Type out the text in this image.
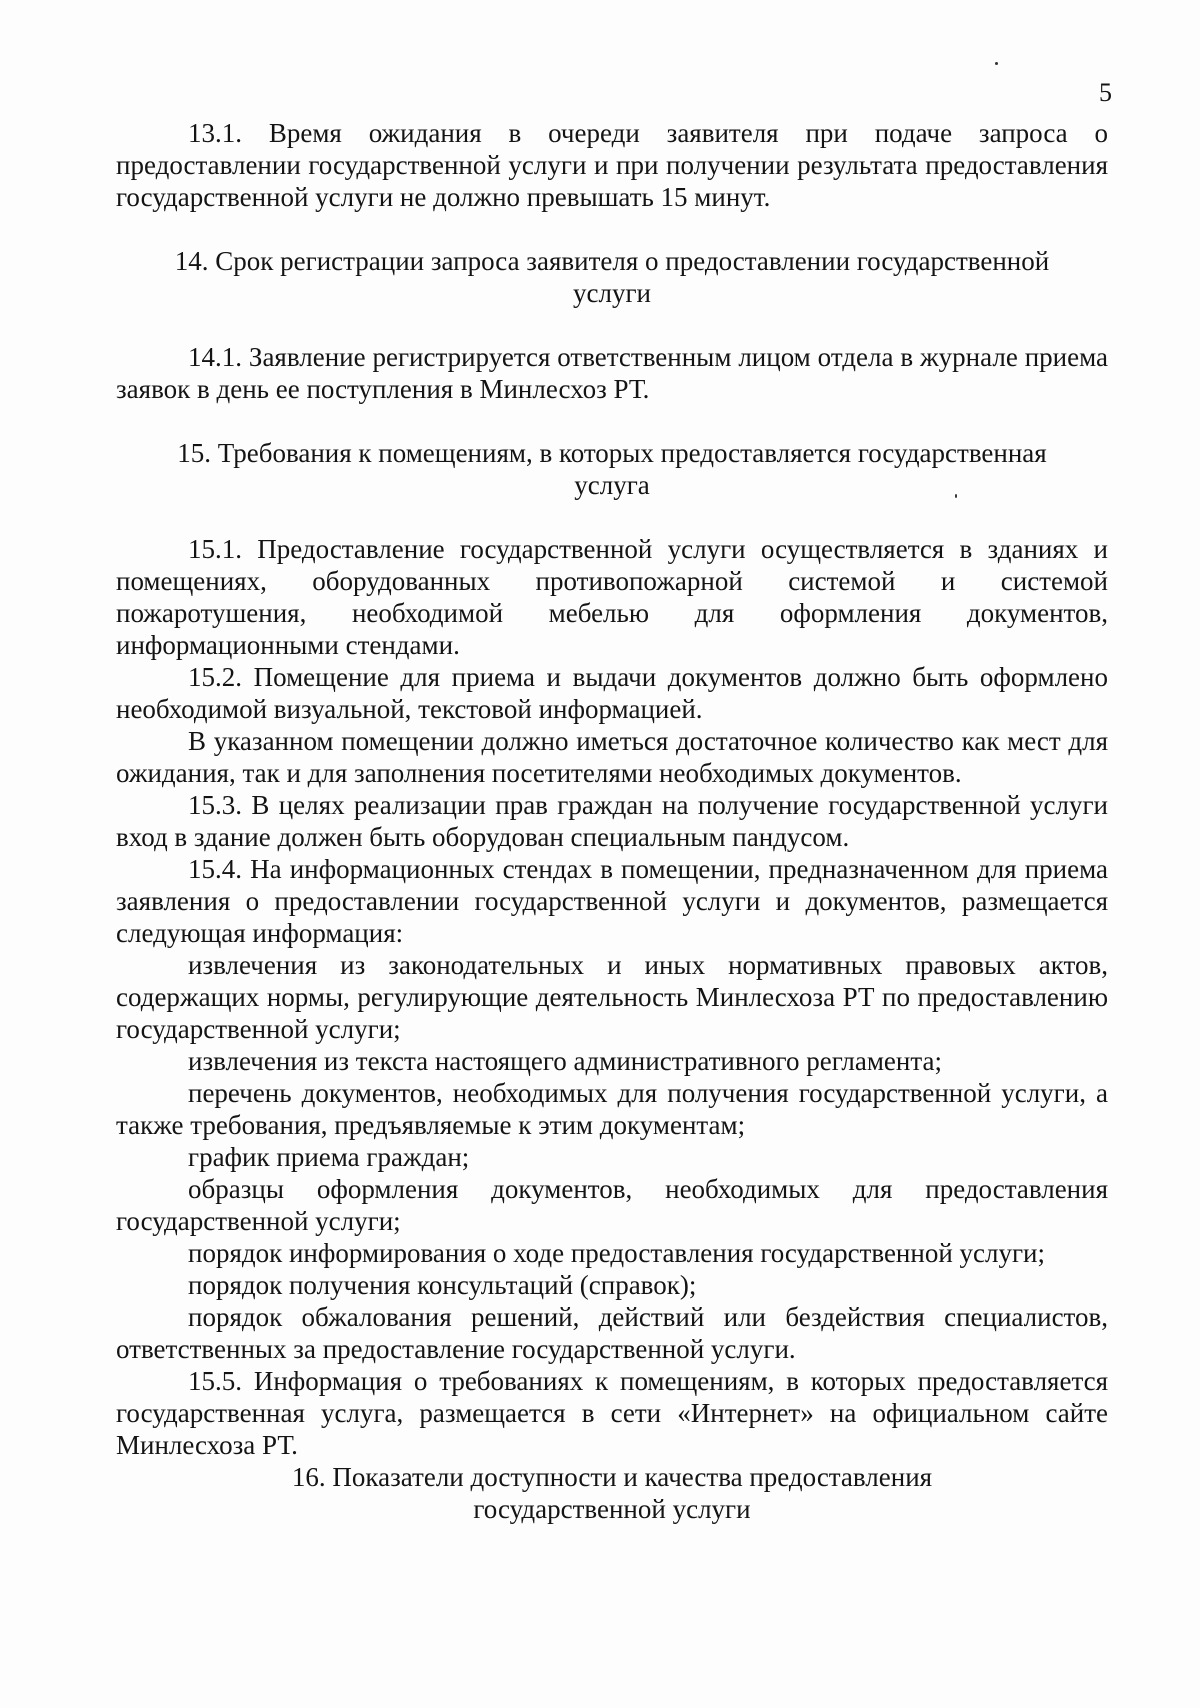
5

13.1. Время ожидания в очереди заявителя при подаче запроса о предоставлении государственной услуги и при получении результата предоставления государственной услуги не должно превышать 15 минут.

14. Срок регистрации запроса заявителя о предоставлении государственной
услуги

14.1. Заявление регистрируется ответственным лицом отдела в журнале приема заявок в день ее поступления в Минлесхоз РТ.

15. Требования к помещениям, в которых предоставляется государственная
услуга

15.1. Предоставление государственной услуги осуществляется в зданиях и помещениях, оборудованных противопожарной системой и системой пожаротушения, необходимой мебелью для оформления документов, информационными стендами.

15.2. Помещение для приема и выдачи документов должно быть оформлено необходимой визуальной, текстовой информацией.

В указанном помещении должно иметься достаточное количество как мест для ожидания, так и для заполнения посетителями необходимых документов.

15.3. В целях реализации прав граждан на получение государственной услуги вход в здание должен быть оборудован специальным пандусом.

15.4. На информационных стендах в помещении, предназначенном для приема заявления о предоставлении государственной услуги и документов, размещается следующая информация:

извлечения из законодательных и иных нормативных правовых актов, содержащих нормы, регулирующие деятельность Минлесхоза РТ по предоставлению государственной услуги;

извлечения из текста настоящего административного регламента;

перечень документов, необходимых для получения государственной услуги, а также требования, предъявляемые к этим документам;

график приема граждан;

образцы оформления документов, необходимых для предоставления государственной услуги;

порядок информирования о ходе предоставления государственной услуги;

порядок получения консультаций (справок);

порядок обжалования решений, действий или бездействия специалистов, ответственных за предоставление государственной услуги.

15.5. Информация о требованиях к помещениям, в которых предоставляется государственная услуга, размещается в сети «Интернет» на официальном сайте Минлесхоза РТ.

16. Показатели доступности и качества предоставления
государственной услуги
